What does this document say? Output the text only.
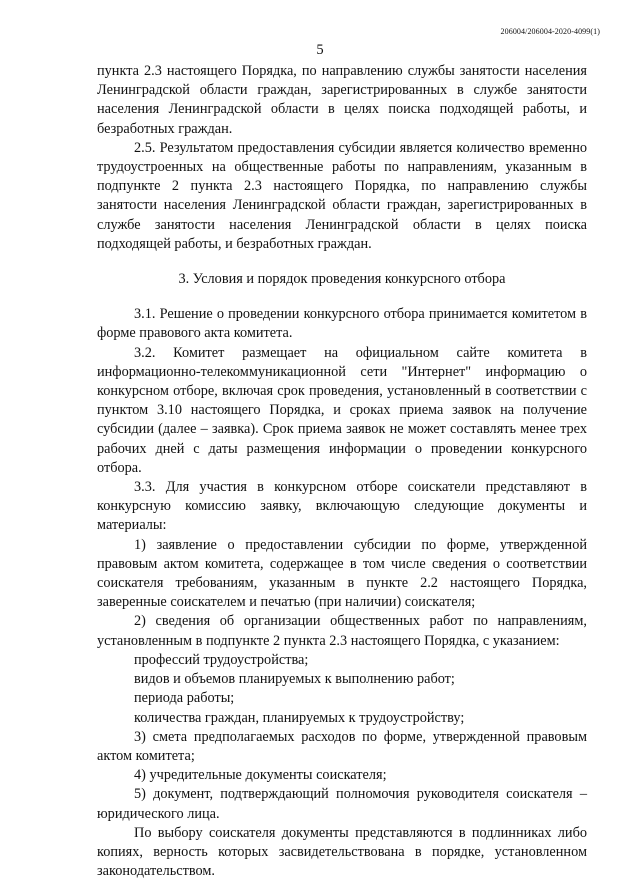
206004/206004-2020-4099(1)
5

пункта 2.3 настоящего Порядка, по направлению службы занятости населения Ленинградской области граждан, зарегистрированных в службе занятости населения Ленинградской области в целях поиска подходящей работы, и безработных граждан.

2.5. Результатом предоставления субсидии является количество временно трудоустроенных на общественные работы по направлениям, указанным в подпункте 2 пункта 2.3 настоящего Порядка, по направлению службы занятости населения Ленинградской области граждан, зарегистрированных в службе занятости населения Ленинградской области в целях поиска подходящей работы, и безработных граждан.

3. Условия и порядок проведения конкурсного отбора

3.1. Решение о проведении конкурсного отбора принимается комитетом в форме правового акта комитета.

3.2. Комитет размещает на официальном сайте комитета в информационно-телекоммуникационной сети "Интернет" информацию о конкурсном отборе, включая срок проведения, установленный в соответствии с пунктом 3.10 настоящего Порядка, и сроках приема заявок на получение субсидии (далее – заявка). Срок приема заявок не может составлять менее трех рабочих дней с даты размещения информации о проведении конкурсного отбора.

3.3. Для участия в конкурсном отборе соискатели представляют в конкурсную комиссию заявку, включающую следующие документы и материалы:

1) заявление о предоставлении субсидии по форме, утвержденной правовым актом комитета, содержащее в том числе сведения о соответствии соискателя требованиям, указанным в пункте 2.2 настоящего Порядка, заверенные соискателем и печатью (при наличии) соискателя;

2) сведения об организации общественных работ по направлениям, установленным в подпункте 2 пункта 2.3 настоящего Порядка, с указанием:

профессий трудоустройства;

видов и объемов планируемых к выполнению работ;

периода работы;

количества граждан, планируемых к трудоустройству;

3) смета предполагаемых расходов по форме, утвержденной правовым актом комитета;

4) учредительные документы соискателя;

5) документ, подтверждающий полномочия руководителя соискателя – юридического лица.

По выбору соискателя документы представляются в подлинниках либо копиях, верность которых засвидетельствована в порядке, установленном законодательством.
